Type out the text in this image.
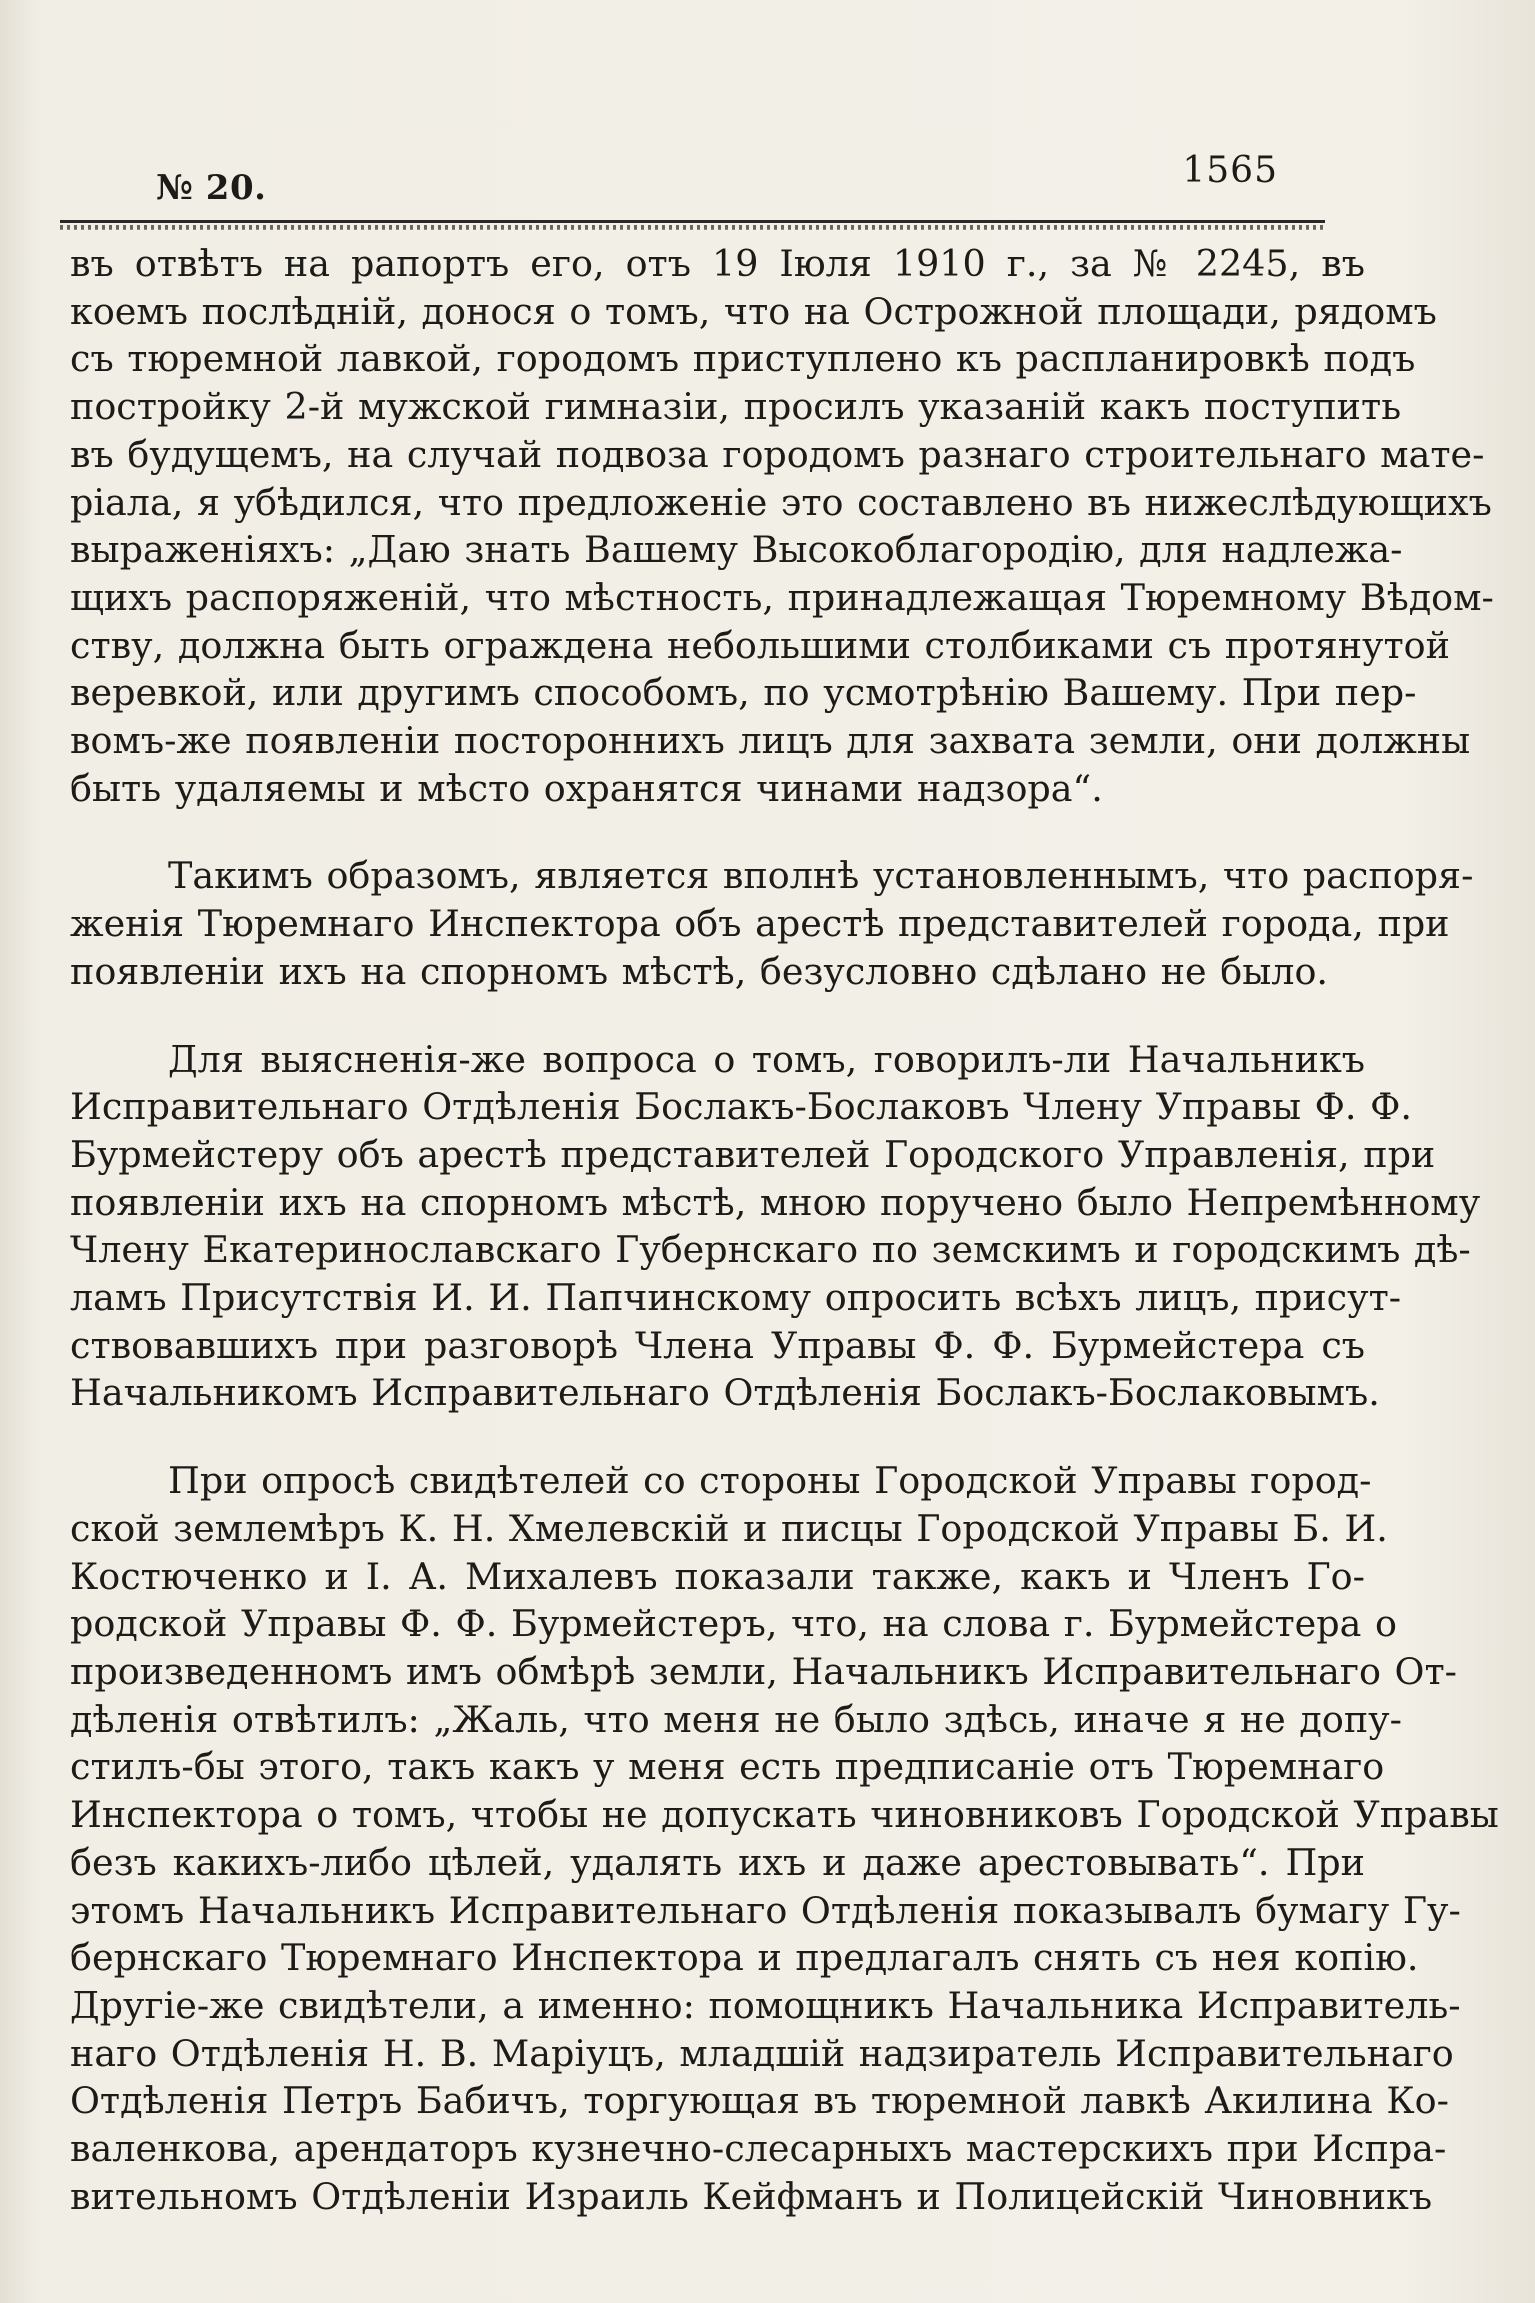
№ 20.	1565

въ отвѣтъ на рапортъ его, отъ 19 Іюля 1910 г., за № 2245, въ
коемъ послѣдній, донося о томъ, что на Острожной площади, рядомъ
съ тюремной лавкой, городомъ приступлено къ распланировкѣ подъ
постройку 2-й мужской гимназіи, просилъ указаній какъ поступить
въ будущемъ, на случай подвоза городомъ разнаго строительнаго мате-
ріала, я убѣдился, что предложеніе это составлено въ нижеслѣдующихъ
выраженіяхъ: „Даю знать Вашему Высокоблагородію, для надлежа-
щихъ распоряженій, что мѣстность, принадлежащая Тюремному Вѣдом-
ству, должна быть ограждена небольшими столбиками съ протянутой
веревкой, или другимъ способомъ, по усмотрѣнію Вашему. При пер-
вомъ-же появленіи постороннихъ лицъ для захвата земли, они должны
быть удаляемы и мѣсто охранятся чинами надзора“.

Такимъ образомъ, является вполнѣ установленнымъ, что распоря-
женія Тюремнаго Инспектора объ арестѣ представителей города, при
появленіи ихъ на спорномъ мѣстѣ, безусловно сдѣлано не было.

Для выясненія-же вопроса о томъ, говорилъ-ли Начальникъ
Исправительнаго Отдѣленія Бослакъ-Бослаковъ Члену Управы Ф. Ф.
Бурмейстеру объ арестѣ представителей Городского Управленія, при
появленіи ихъ на спорномъ мѣстѣ, мною поручено было Непремѣнному
Члену Екатеринославскаго Губернскаго по земскимъ и городскимъ дѣ-
ламъ Присутствія И. И. Папчинскому опросить всѣхъ лицъ, присут-
ствовавшихъ при разговорѣ Члена Управы Ф. Ф. Бурмейстера съ
Начальникомъ Исправительнаго Отдѣленія Бослакъ-Бослаковымъ.

При опросѣ свидѣтелей со стороны Городской Управы город-
ской землемѣръ К. Н. Хмелевскій и писцы Городской Управы Б. И.
Костюченко и І. А. Михалевъ показали также, какъ и Членъ Го-
родской Управы Ф. Ф. Бурмейстеръ, что, на слова г. Бурмейстера о
произведенномъ имъ обмѣрѣ земли, Начальникъ Исправительнаго От-
дѣленія отвѣтилъ: „Жаль, что меня не было здѣсь, иначе я не допу-
стилъ-бы этого, такъ какъ у меня есть предписаніе отъ Тюремнаго
Инспектора о томъ, чтобы не допускать чиновниковъ Городской Управы
безъ какихъ-либо цѣлей, удалять ихъ и даже арестовывать“. При
этомъ Начальникъ Исправительнаго Отдѣленія показывалъ бумагу Гу-
бернскаго Тюремнаго Инспектора и предлагалъ снять съ нея копію.
Другіе-же свидѣтели, а именно: помощникъ Начальника Исправитель-
наго Отдѣленія Н. В. Маріуцъ, младшій надзиратель Исправительнаго
Отдѣленія Петръ Бабичъ, торгующая въ тюремной лавкѣ Акилина Ко-
валенкова, арендаторъ кузнечно-слесарныхъ мастерскихъ при Испра-
вительномъ Отдѣленіи Израиль Кейфманъ и Полицейскій Чиновникъ
